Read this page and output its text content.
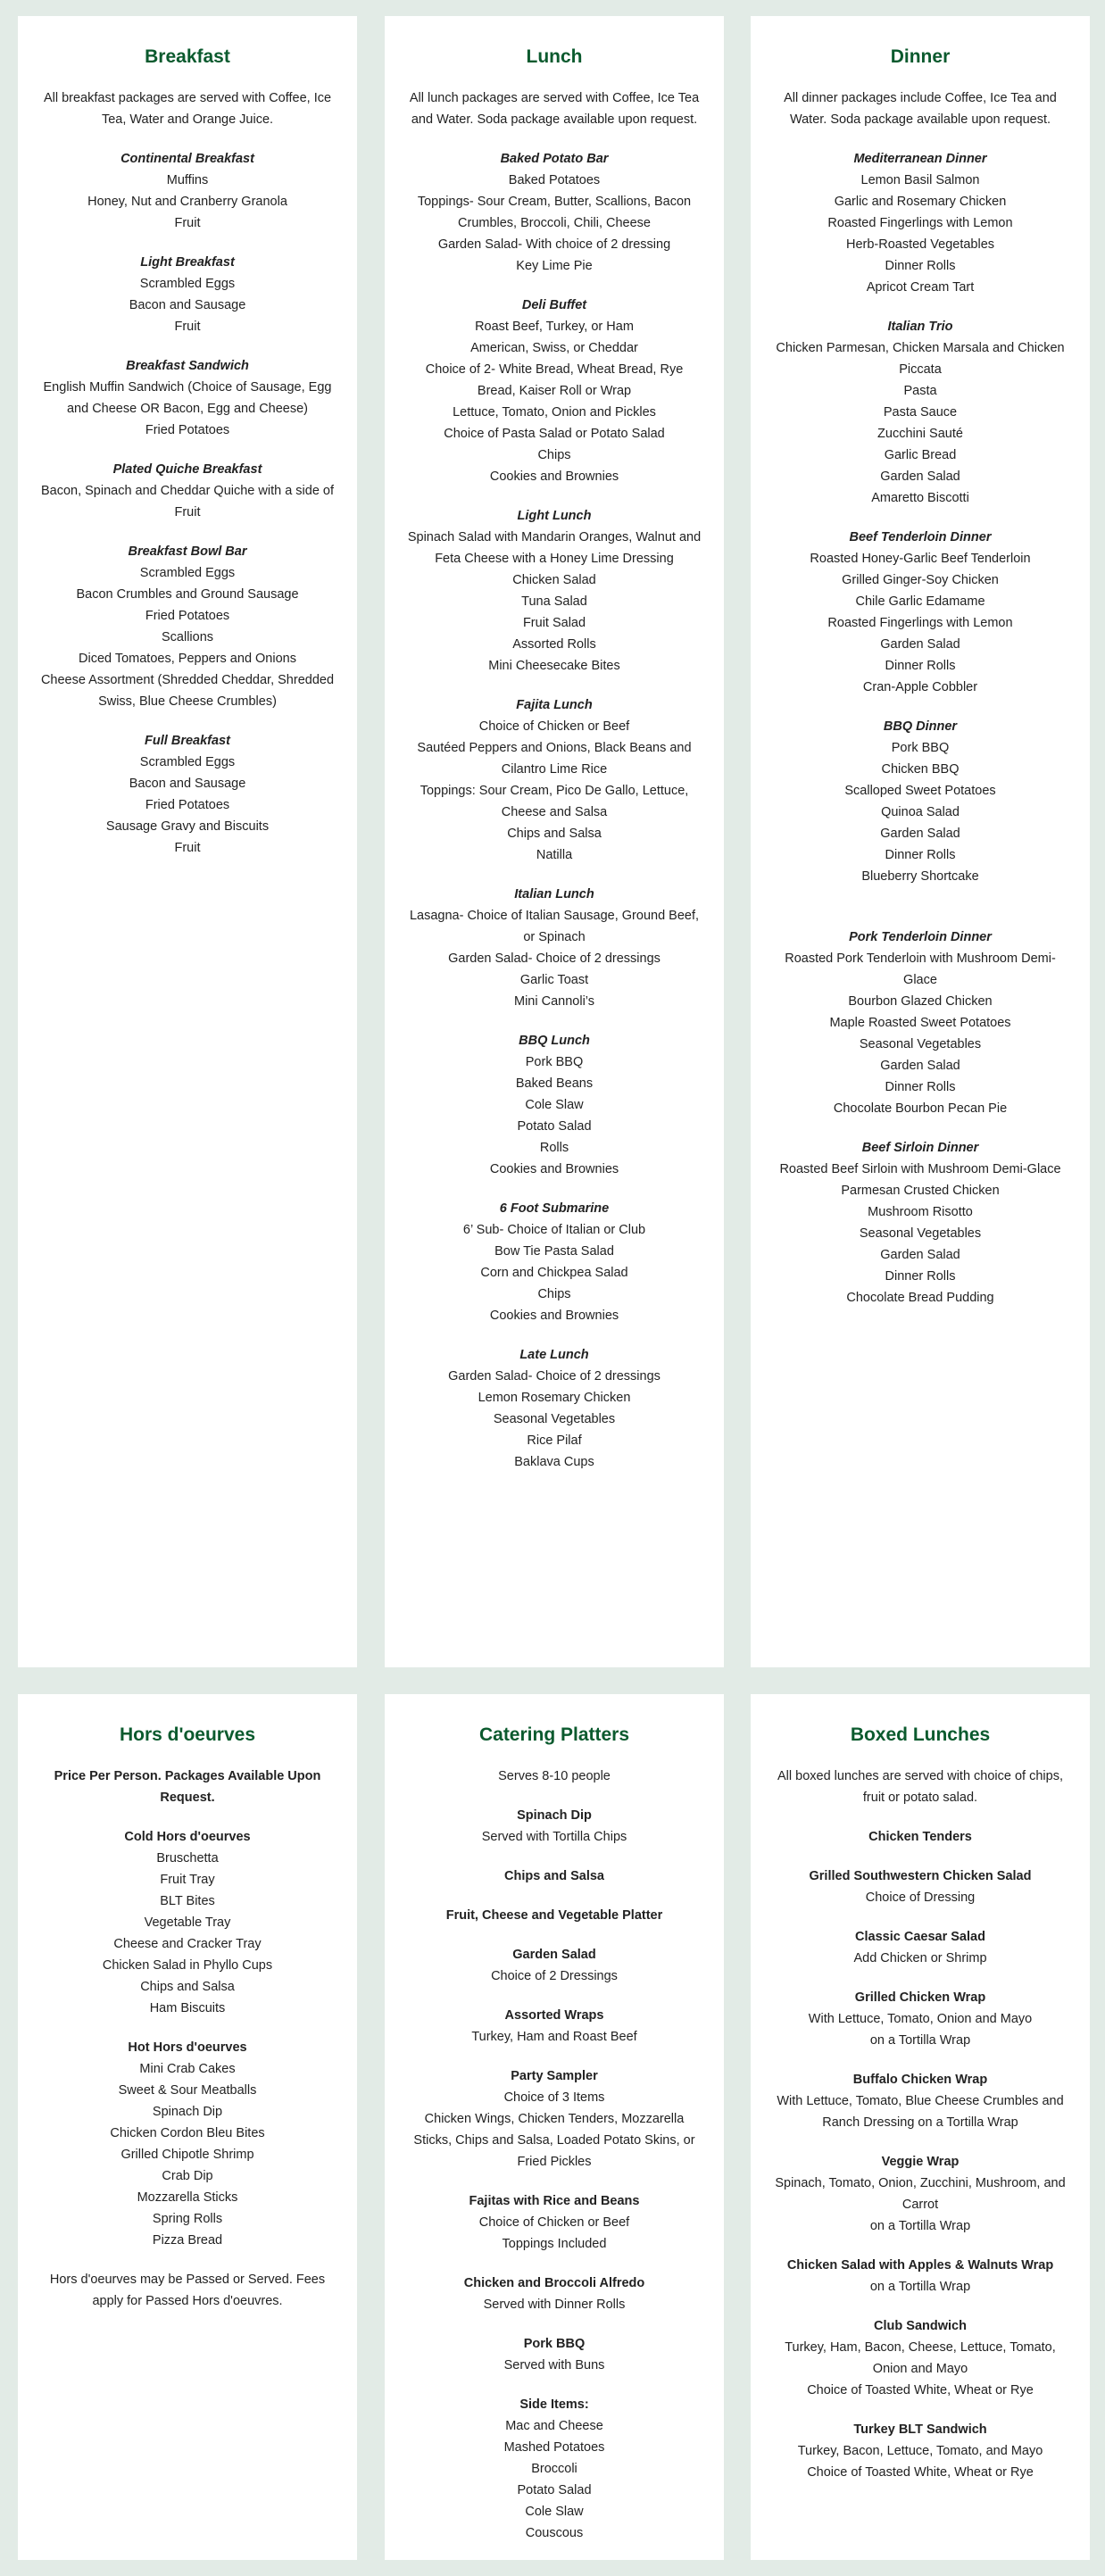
Breakfast
All breakfast packages are served with Coffee, Ice Tea, Water and Orange Juice.
Continental Breakfast
Muffins
Honey, Nut and Cranberry Granola
Fruit
Light Breakfast
Scrambled Eggs
Bacon and Sausage
Fruit
Breakfast Sandwich
English Muffin Sandwich (Choice of Sausage, Egg and Cheese OR Bacon, Egg and Cheese)
Fried Potatoes
Plated Quiche Breakfast
Bacon, Spinach and Cheddar Quiche with a side of Fruit
Breakfast Bowl Bar
Scrambled Eggs
Bacon Crumbles and Ground Sausage
Fried Potatoes
Scallions
Diced Tomatoes, Peppers and Onions
Cheese Assortment (Shredded Cheddar, Shredded Swiss, Blue Cheese Crumbles)
Full Breakfast
Scrambled Eggs
Bacon and Sausage
Fried Potatoes
Sausage Gravy and Biscuits
Fruit
Lunch
All lunch packages are served with Coffee, Ice Tea and Water. Soda package available upon request.
Baked Potato Bar
Baked Potatoes
Toppings- Sour Cream, Butter, Scallions, Bacon Crumbles, Broccoli, Chili, Cheese
Garden Salad- With choice of 2 dressing
Key Lime Pie
Deli Buffet
Roast Beef, Turkey, or Ham
American, Swiss, or Cheddar
Choice of 2- White Bread, Wheat Bread, Rye Bread, Kaiser Roll or Wrap
Lettuce, Tomato, Onion and Pickles
Choice of Pasta Salad or Potato Salad
Chips
Cookies and Brownies
Light Lunch
Spinach Salad with Mandarin Oranges, Walnut and Feta Cheese with a Honey Lime Dressing
Chicken Salad
Tuna Salad
Fruit Salad
Assorted Rolls
Mini Cheesecake Bites
Fajita Lunch
Choice of Chicken or Beef
Sautéed Peppers and Onions, Black Beans and Cilantro Lime Rice
Toppings: Sour Cream, Pico De Gallo, Lettuce, Cheese and Salsa
Chips and Salsa
Natilla
Italian Lunch
Lasagna- Choice of Italian Sausage, Ground Beef, or Spinach
Garden Salad- Choice of 2 dressings
Garlic Toast
Mini Cannoli’s
BBQ Lunch
Pork BBQ
Baked Beans
Cole Slaw
Potato Salad
Rolls
Cookies and Brownies
6 Foot Submarine
6’ Sub- Choice of Italian or Club
Bow Tie Pasta Salad
Corn and Chickpea Salad
Chips
Cookies and Brownies
Late Lunch
Garden Salad- Choice of 2 dressings
Lemon Rosemary Chicken
Seasonal Vegetables
Rice Pilaf
Baklava Cups
Dinner
All dinner packages include Coffee, Ice Tea and Water. Soda package available upon request.
Mediterranean Dinner
Lemon Basil Salmon
Garlic and Rosemary Chicken
Roasted Fingerlings with Lemon
Herb-Roasted Vegetables
Dinner Rolls
Apricot Cream Tart
Italian Trio
Chicken Parmesan, Chicken Marsala and Chicken Piccata
Pasta
Pasta Sauce
Zucchini Sauté
Garlic Bread
Garden Salad
Amaretto Biscotti
Beef Tenderloin Dinner
Roasted Honey-Garlic Beef Tenderloin
Grilled Ginger-Soy Chicken
Chile Garlic Edamame
Roasted Fingerlings with Lemon
Garden Salad
Dinner Rolls
Cran-Apple Cobbler
BBQ Dinner
Pork BBQ
Chicken BBQ
Scalloped Sweet Potatoes
Quinoa Salad
Garden Salad
Dinner Rolls
Blueberry Shortcake
Pork Tenderloin Dinner
Roasted Pork Tenderloin with Mushroom Demi-Glace
Bourbon Glazed Chicken
Maple Roasted Sweet Potatoes
Seasonal Vegetables
Garden Salad
Dinner Rolls
Chocolate Bourbon Pecan Pie
Beef Sirloin Dinner
Roasted Beef Sirloin with Mushroom Demi-Glace
Parmesan Crusted Chicken
Mushroom Risotto
Seasonal Vegetables
Garden Salad
Dinner Rolls
Chocolate Bread Pudding
Hors d'oeurves
Price Per Person. Packages Available Upon Request.
Cold Hors d'oeurves
Bruschetta
Fruit Tray
BLT Bites
Vegetable Tray
Cheese and Cracker Tray
Chicken Salad in Phyllo Cups
Chips and Salsa
Ham Biscuits
Hot Hors d'oeurves
Mini Crab Cakes
Sweet & Sour Meatballs
Spinach Dip
Chicken Cordon Bleu Bites
Grilled Chipotle Shrimp
Crab Dip
Mozzarella Sticks
Spring Rolls
Pizza Bread
Hors d'oeurves may be Passed or Served. Fees apply for Passed Hors d'oeuvres.
Catering Platters
Serves 8-10 people
Spinach Dip
Served with Tortilla Chips
Chips and Salsa
Fruit, Cheese and Vegetable Platter
Garden Salad
Choice of 2 Dressings
Assorted Wraps
Turkey, Ham and Roast Beef
Party Sampler
Choice of 3 Items
Chicken Wings, Chicken Tenders, Mozzarella Sticks, Chips and Salsa, Loaded Potato Skins, or Fried Pickles
Fajitas with Rice and Beans
Choice of Chicken or Beef
Toppings Included
Chicken and Broccoli Alfredo
Served with Dinner Rolls
Pork BBQ
Served with Buns
Side Items:
Mac and Cheese
Mashed Potatoes
Broccoli
Potato Salad
Cole Slaw
Couscous
Boxed Lunches
All boxed lunches are served with choice of chips, fruit or potato salad.
Chicken Tenders
Grilled Southwestern Chicken Salad
Choice of Dressing
Classic Caesar Salad
Add Chicken or Shrimp
Grilled Chicken Wrap
With Lettuce, Tomato, Onion and Mayo
on a Tortilla Wrap
Buffalo Chicken Wrap
With Lettuce, Tomato, Blue Cheese Crumbles and Ranch Dressing on a Tortilla Wrap
Veggie Wrap
Spinach, Tomato, Onion, Zucchini, Mushroom, and Carrot
on a Tortilla Wrap
Chicken Salad with Apples & Walnuts Wrap
on a Tortilla Wrap
Club Sandwich
Turkey, Ham, Bacon, Cheese, Lettuce, Tomato, Onion and Mayo
Choice of Toasted White, Wheat or Rye
Turkey BLT Sandwich
Turkey, Bacon, Lettuce, Tomato, and Mayo
Choice of Toasted White, Wheat or Rye
